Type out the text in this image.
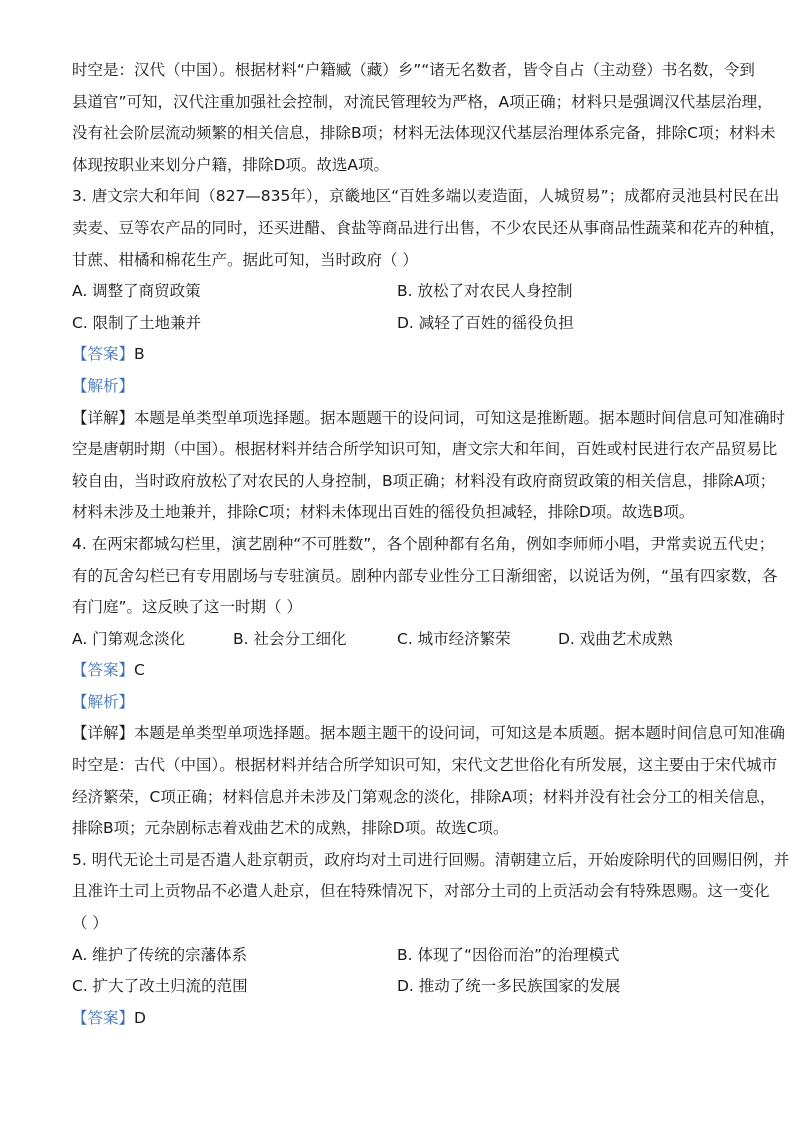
时空是：汉代（中国）。根据材料“户籍臧（藏）乡”“诸无名数者，皆令自占（主动登）书名数，令到
县道官”可知，汉代注重加强社会控制，对流民管理较为严格，A项正确；材料只是强调汉代基层治理，
没有社会阶层流动频繁的相关信息，排除B项；材料无法体现汉代基层治理体系完备，排除C项；材料未
体现按职业来划分户籍，排除D项。故选A项。
3. 唐文宗大和年间（827—835年），京畿地区“百姓多端以麦造面，人城贸易”；成都府灵池县村民在出
卖麦、豆等农产品的同时，还买进醋、食盐等商品进行出售，不少农民还从事商品性蔬菜和花卉的种植，
甘蔗、柑橘和棉花生产。据此可知，当时政府（ ）
A. 调整了商贸政策	B. 放松了对农民人身控制
C. 限制了土地兼并	D. 减轻了百姓的徭役负担
【答案】B
【解析】
【详解】本题是单类型单项选择题。据本题题干的设问词，可知这是推断题。据本题时间信息可知准确时
空是唐朝时期（中国）。根据材料并结合所学知识可知，唐文宗大和年间，百姓或村民进行农产品贸易比
较自由，当时政府放松了对农民的人身控制，B项正确；材料没有政府商贸政策的相关信息，排除A项；
材料未涉及土地兼并，排除C项；材料未体现出百姓的徭役负担减轻，排除D项。故选B项。
4. 在两宋都城勾栏里，演艺剧种“不可胜数”，各个剧种都有名角，例如李师师小唱，尹常卖说五代史；
有的瓦舍勾栏已有专用剧场与专驻演员。剧种内部专业性分工日渐细密，以说话为例，“虽有四家数，各
有门庭”。这反映了这一时期（ ）
A. 门第观念淡化	B. 社会分工细化	C. 城市经济繁荣	D. 戏曲艺术成熟
【答案】C
【解析】
【详解】本题是单类型单项选择题。据本题主题干的设问词，可知这是本质题。据本题时间信息可知准确
时空是：古代（中国）。根据材料并结合所学知识可知，宋代文艺世俗化有所发展，这主要由于宋代城市
经济繁荣，C项正确；材料信息并未涉及门第观念的淡化，排除A项；材料并没有社会分工的相关信息，
排除B项；元杂剧标志着戏曲艺术的成熟，排除D项。故选C项。
5. 明代无论土司是否遣人赴京朝贡，政府均对土司进行回赐。清朝建立后，开始废除明代的回赐旧例，并
且准许土司上贡物品不必遣人赴京，但在特殊情况下，对部分土司的上贡活动会有特殊恩赐。这一变化
（ ）
A. 维护了传统的宗藩体系	B. 体现了“因俗而治”的治理模式
C. 扩大了改土归流的范围	D. 推动了统一多民族国家的发展
【答案】D
